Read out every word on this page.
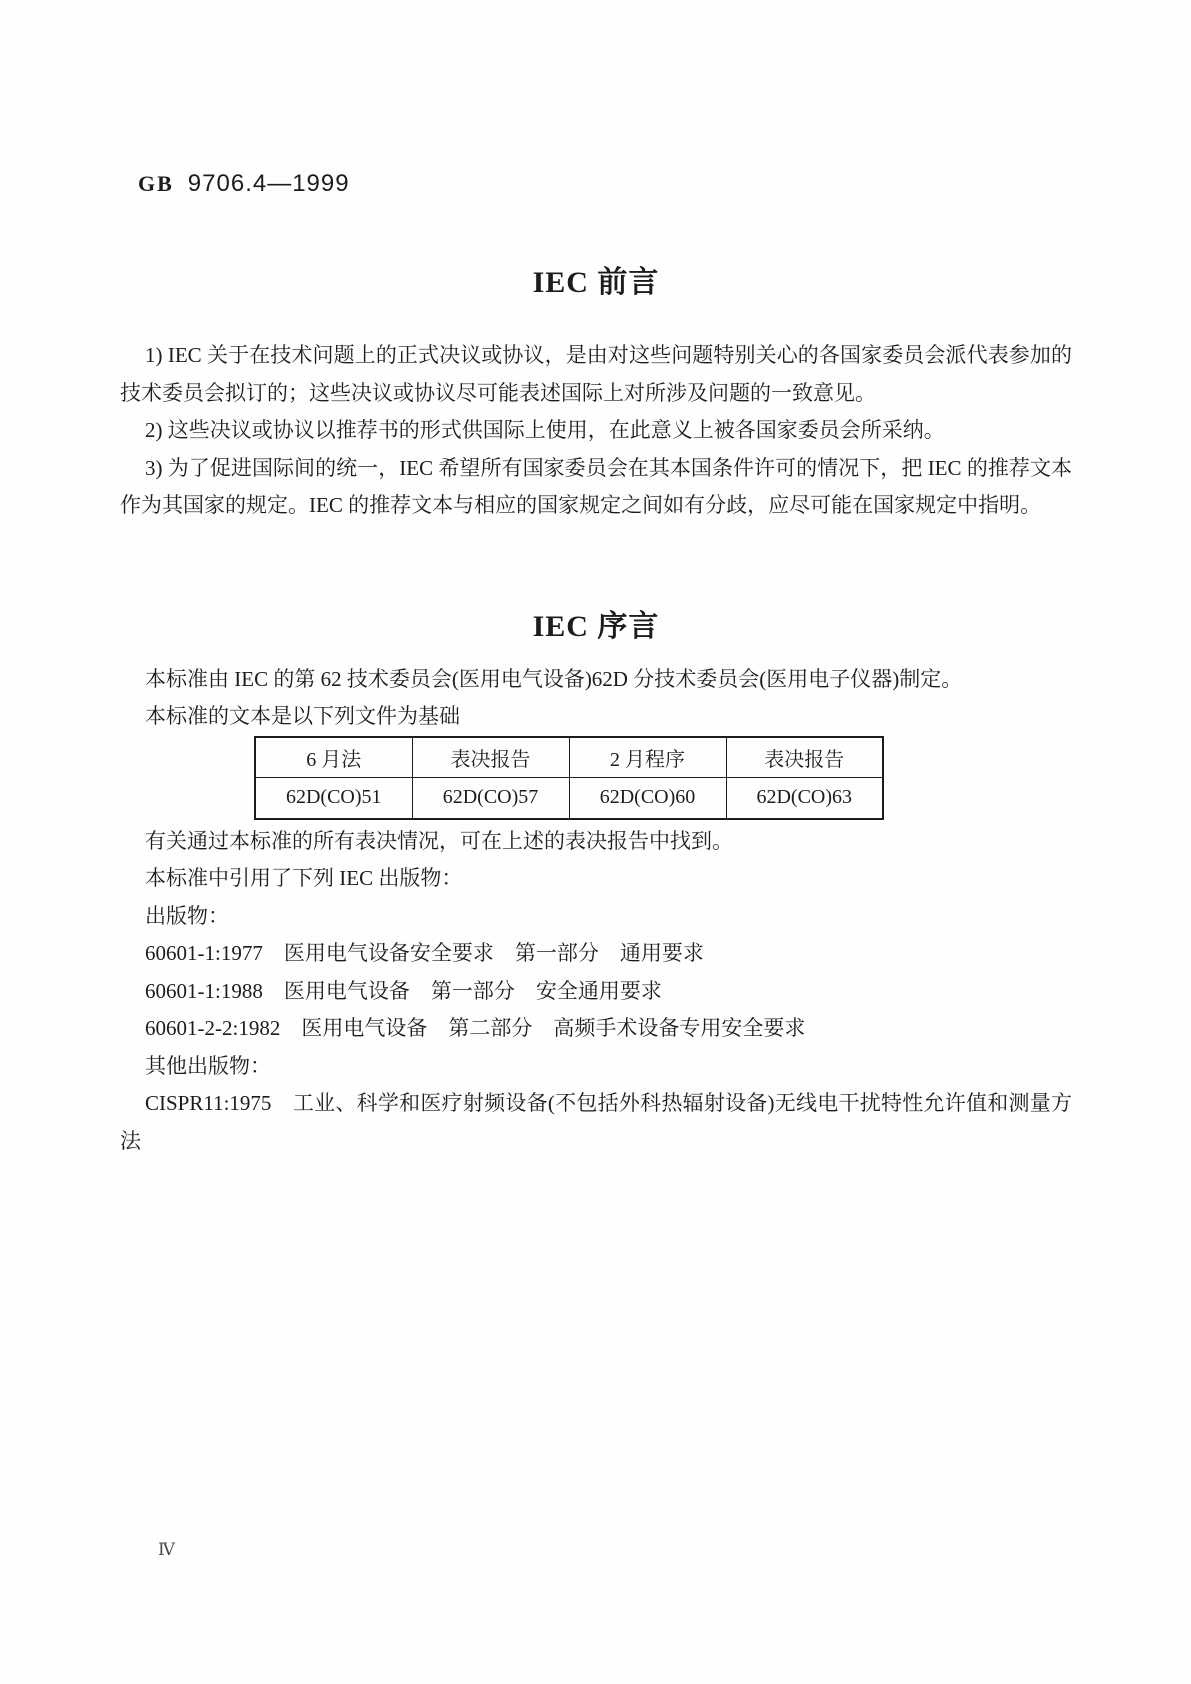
GB 9706.4—1999
IEC 前言

1) IEC 关于在技术问题上的正式决议或协议，是由对这些问题特别关心的各国家委员会派代表参加的技术委员会拟订的；这些决议或协议尽可能表述国际上对所涉及问题的一致意见。

2) 这些决议或协议以推荐书的形式供国际上使用，在此意义上被各国家委员会所采纳。

3) 为了促进国际间的统一，IEC 希望所有国家委员会在其本国条件许可的情况下，把 IEC 的推荐文本作为其国家的规定。IEC 的推荐文本与相应的国家规定之间如有分歧，应尽可能在国家规定中指明。

IEC 序言

本标准由 IEC 的第 62 技术委员会(医用电气设备)62D 分技术委员会(医用电子仪器)制定。

本标准的文本是以下列文件为基础

6 月法	表决报告	2 月程序	表决报告
62D(CO)51	62D(CO)57	62D(CO)60	62D(CO)63

有关通过本标准的所有表决情况，可在上述的表决报告中找到。

本标准中引用了下列 IEC 出版物：

出版物：

60601-1:1977　医用电气设备安全要求　第一部分　通用要求

60601-1:1988　医用电气设备　第一部分　安全通用要求

60601-2-2:1982　医用电气设备　第二部分　高频手术设备专用安全要求

其他出版物：

CISPR11:1975　工业、科学和医疗射频设备(不包括外科热辐射设备)无线电干扰特性允许值和测量方法

Ⅳ
